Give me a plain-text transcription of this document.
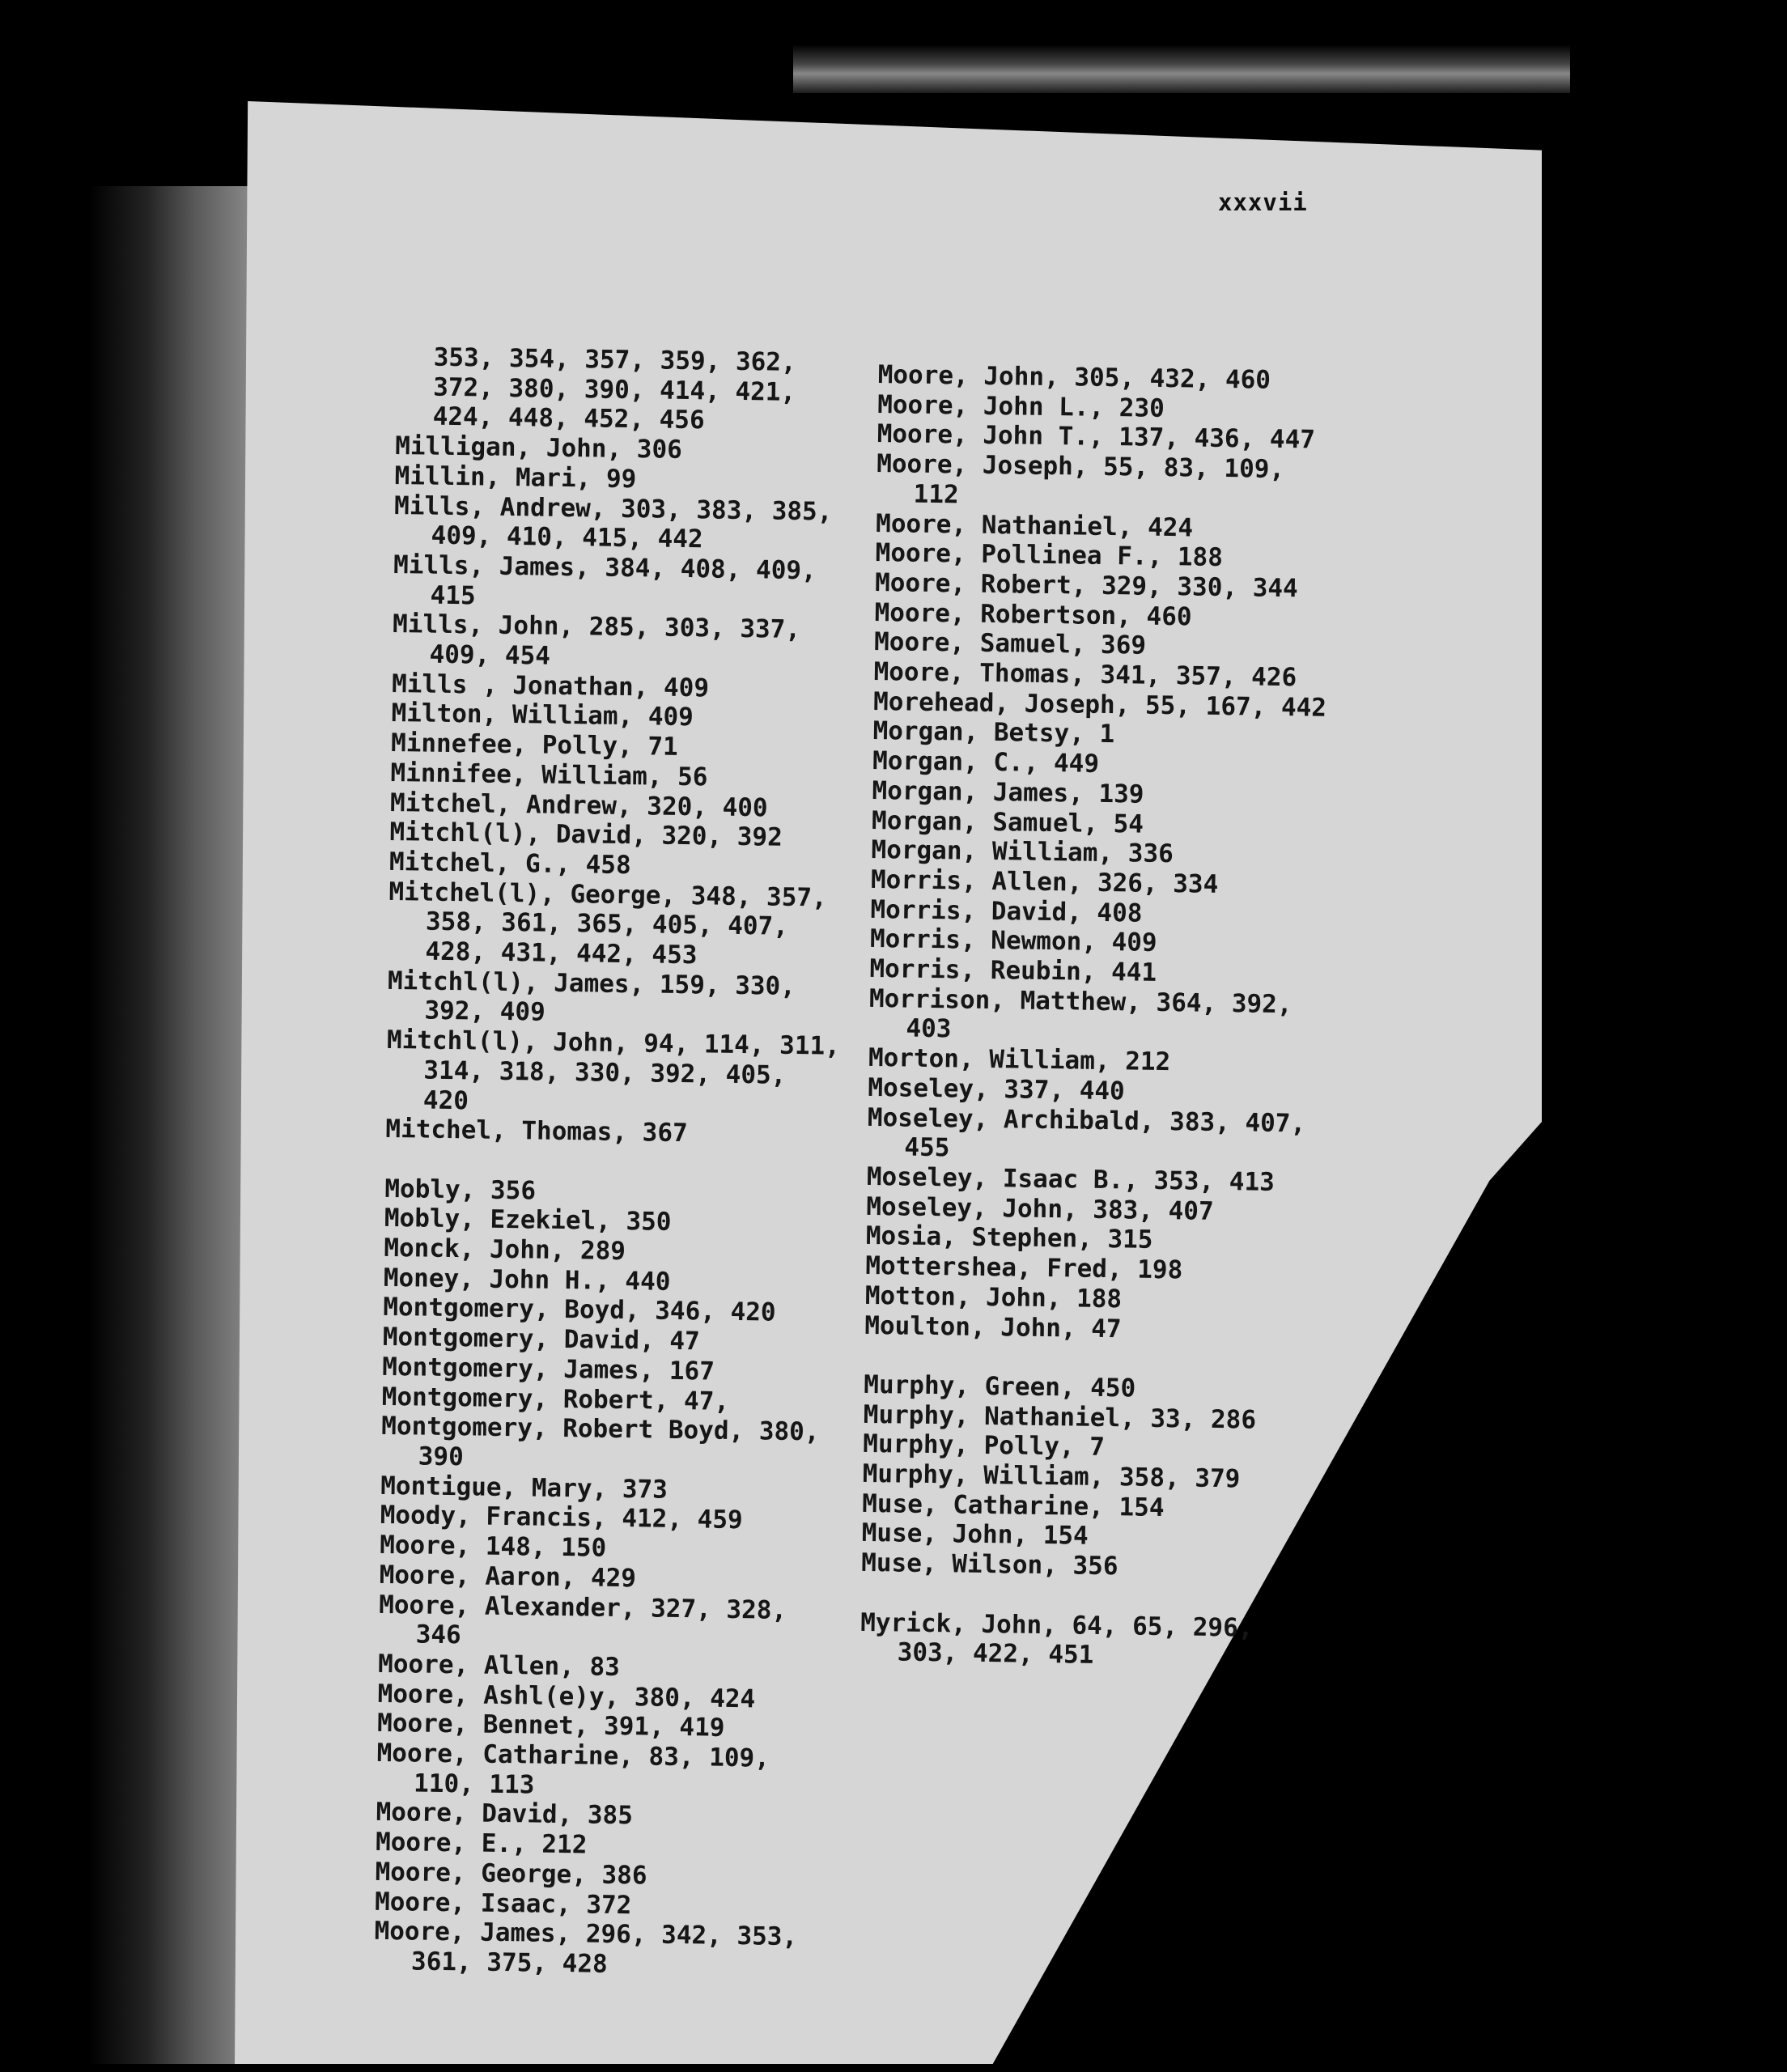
xxxvii
353, 354, 357, 359, 362, 372, 380, 390, 414, 421, 424, 448, 452, 456
Milligan, John, 306
Millin, Mari, 99
Mills, Andrew, 303, 383, 385, 409, 410, 415, 442
Mills, James, 384, 408, 409, 415
Mills, John, 285, 303, 337, 409, 454
Mills , Jonathan, 409
Milton, William, 409
Minnefee, Polly, 71
Minnifee, William, 56
Mitchel, Andrew, 320, 400
Mitchl(l), David, 320, 392
Mitchel, G., 458
Mitchel(l), George, 348, 357, 358, 361, 365, 405, 407, 428, 431, 442, 453
Mitchl(l), James, 159, 330, 392, 409
Mitchl(l), John, 94, 114, 311, 314, 318, 330, 392, 405, 420
Mitchel, Thomas, 367
Mobly, 356
Mobly, Ezekiel, 350
Monck, John, 289
Money, John H., 440
Montgomery, Boyd, 346, 420
Montgomery, David, 47
Montgomery, James, 167
Montgomery, Robert, 47,
Montgomery, Robert Boyd, 380, 390
Montigue, Mary, 373
Moody, Francis, 412, 459
Moore, 148, 150
Moore, Aaron, 429
Moore, Alexander, 327, 328, 346
Moore, Allen, 83
Moore, Ashl(e)y, 380, 424
Moore, Bennet, 391, 419
Moore, Catharine, 83, 109, 110, 113
Moore, David, 385
Moore, E., 212
Moore, George, 386
Moore, Isaac, 372
Moore, James, 296, 342, 353, 361, 375, 428
Moore, John, 305, 432, 460
Moore, John L., 230
Moore, John T., 137, 436, 447
Moore, Joseph, 55, 83, 109, 112
Moore, Nathaniel, 424
Moore, Pollinea F., 188
Moore, Robert, 329, 330, 344
Moore, Robertson, 460
Moore, Samuel, 369
Moore, Thomas, 341, 357, 426
Morehead, Joseph, 55, 167, 442
Morgan, Betsy, 1
Morgan, C., 449
Morgan, James, 139
Morgan, Samuel, 54
Morgan, William, 336
Morris, Allen, 326, 334
Morris, David, 408
Morris, Newmon, 409
Morris, Reubin, 441
Morrison, Matthew, 364, 392, 403
Morton, William, 212
Moseley, 337, 440
Moseley, Archibald, 383, 407, 455
Moseley, Isaac B., 353, 413
Moseley, John, 383, 407
Mosia, Stephen, 315
Mottershea, Fred, 198
Motton, John, 188
Moulton, John, 47
Murphy, Green, 450
Murphy, Nathaniel, 33, 286
Murphy, Polly, 7
Murphy, William, 358, 379
Muse, Catharine, 154
Muse, John, 154
Muse, Wilson, 356
Myrick, John, 64, 65, 296, 303, 422, 451
